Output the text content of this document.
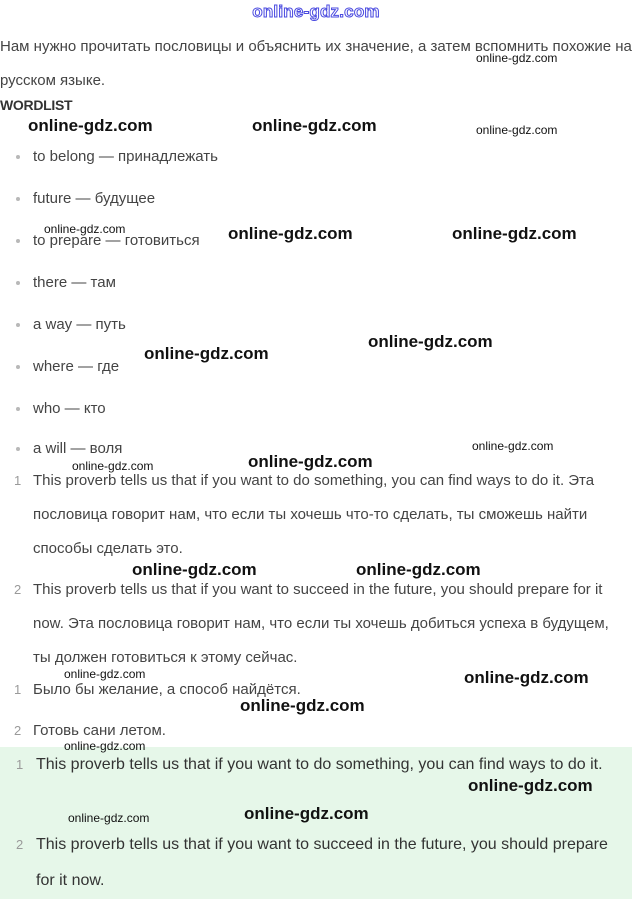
online-gdz.com
Нам нужно прочитать пословицы и объяснить их значение, а затем вспомнить похожие на русском языке.
WORDLIST
to belong — принадлежать
future — будущее
to prepare — готовиться
there — там
a way — путь
where — где
who — кто
a will — воля
1 This proverb tells us that if you want to do something, you can find ways to do it. Эта пословица говорит нам, что если ты хочешь что-то сделать, ты сможешь найти способы сделать это.
2 This proverb tells us that if you want to succeed in the future, you should prepare for it now. Эта пословица говорит нам, что если ты хочешь добиться успеха в будущем, ты должен готовиться к этому сейчас.
1 Было бы желание, а способ найдётся.
2 Готовь сани летом.
1 This proverb tells us that if you want to do something, you can find ways to do it.
2 This proverb tells us that if you want to succeed in the future, you should prepare for it now.
online-gdz.com
online-gdz.com	online-gdz.com	online-gdz.com
online-gdz.com	online-gdz.com	online-gdz.com
online-gdz.com
online-gdz.com
online-gdz.com
online-gdz.com
online-gdz.com
online-gdz.com	online-gdz.com
online-gdz.com	online-gdz.com
online-gdz.com
online-gdz.com
online-gdz.com
online-gdz.com
online-gdz.com
